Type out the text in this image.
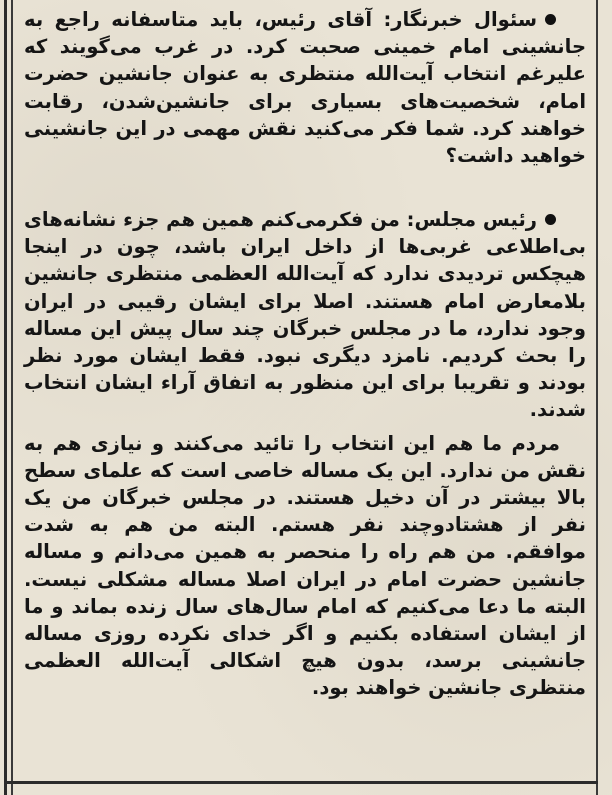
سئوال خبرنگار: آقای رئیس، باید متاسفانه راجع به جانشینی امام خمینی صحبت کرد. در غرب می‌گویند که علیرغم انتخاب آیت‌الله منتظری به عنوان جانشین حضرت امام، شخصیت‌های بسیاری برای جانشین‌شدن، رقابت خواهند کرد. شما فکر می‌کنید نقش مهمی در این جانشینی خواهید داشت؟

رئیس مجلس: من فکرمی‌کنم همین هم جزء نشانه‌های بی‌اطلاعی غربی‌ها از داخل ایران باشد، چون در اینجا هیچکس تردیدی ندارد که آیت‌الله العظمی منتظری جانشین بلامعارض امام هستند. اصلا برای ایشان رقیبی در ایران وجود ندارد، ما در مجلس خبرگان چند سال پیش این مساله را بحث کردیم. نامزد دیگری نبود. فقط ایشان مورد نظر بودند و تقریبا برای این منظور به اتفاق آراء ایشان انتخاب شدند.

مردم ما هم این انتخاب را تائید می‌کنند و نیازی هم به نقش من ندارد. این یک مساله خاصی است که علمای سطح بالا بیشتر در آن دخیل هستند. در مجلس خبرگان من یک نفر از هشتادوچند نفر هستم. البته من هم به شدت موافقم. من هم راه را منحصر به همین می‌دانم و مساله جانشین حضرت امام در ایران اصلا مساله مشکلی نیست. البته ما دعا می‌کنیم که امام سال‌های سال زنده بماند و ما از ایشان استفاده بکنیم و اگر خدای نکرده روزی مساله جانشینی برسد، بدون هیچ اشکالی آیت‌الله العظمی منتظری جانشین خواهند بود.
